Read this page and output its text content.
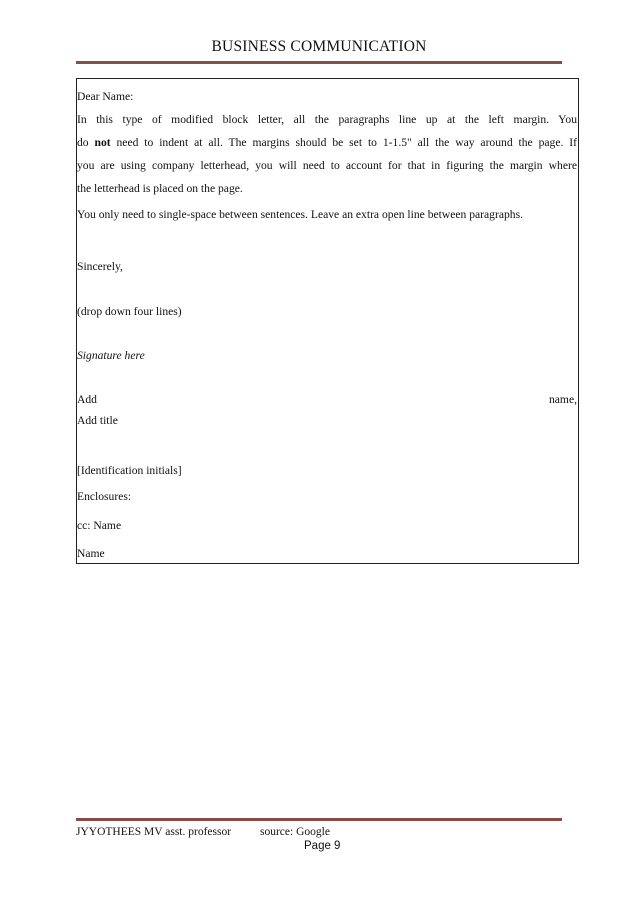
BUSINESS COMMUNICATION
Dear Name:
In this type of modified block letter, all the paragraphs line up at the left margin. You
do not need to indent at all. The margins should be set to 1-1.5" all the way around the page. If
you are using company letterhead, you will need to account for that in figuring the margin where
the letterhead is placed on the page.
You only need to single-space between sentences. Leave an extra open line between paragraphs.
Sincerely,
(drop down four lines)
Signature here
Add	name,
Add title
[Identification initials]
Enclosures:
cc: Name
Name
JYYOTHEES MV asst. professor	source: Google
Page 9
